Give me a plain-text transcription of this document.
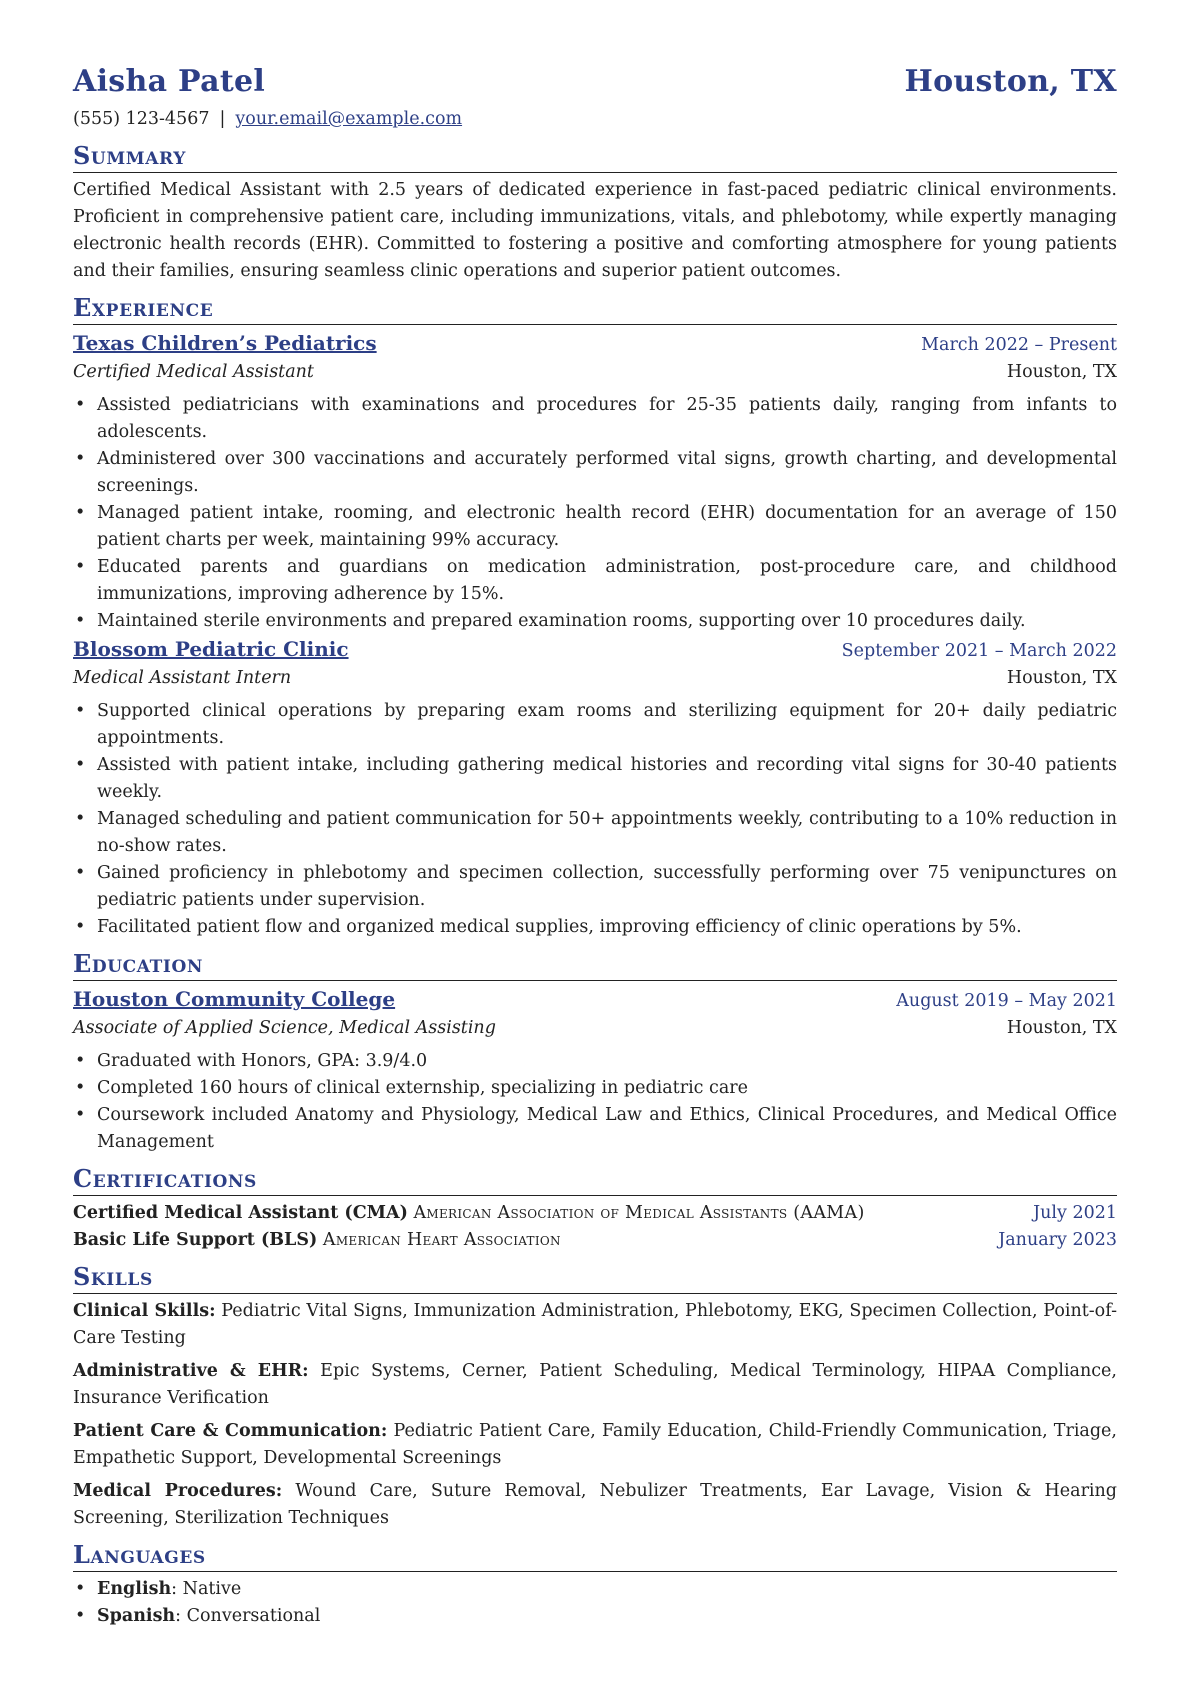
Aisha Patel	Houston, TX
(555) 123-4567 | your.email@example.com
Summary
Certified Medical Assistant with 2.5 years of dedicated experience in fast-paced pediatric clinical environments. Proficient in comprehensive patient care, including immunizations, vitals, and phlebotomy, while expertly managing electronic health records (EHR). Committed to fostering a positive and comforting atmosphere for young patients and their families, ensuring seamless clinic operations and superior patient outcomes.
Experience
Texas Children’s Pediatrics	March 2022 – Present
Certified Medical Assistant	Houston, TX
• Assisted pediatricians with examinations and procedures for 25-35 patients daily, ranging from infants to adolescents.
• Administered over 300 vaccinations and accurately performed vital signs, growth charting, and developmental screenings.
• Managed patient intake, rooming, and electronic health record (EHR) documentation for an average of 150 patient charts per week, maintaining 99% accuracy.
• Educated parents and guardians on medication administration, post-procedure care, and childhood immunizations, improving adherence by 15%.
• Maintained sterile environments and prepared examination rooms, supporting over 10 procedures daily.
Blossom Pediatric Clinic	September 2021 – March 2022
Medical Assistant Intern	Houston, TX
• Supported clinical operations by preparing exam rooms and sterilizing equipment for 20+ daily pediatric appointments.
• Assisted with patient intake, including gathering medical histories and recording vital signs for 30-40 patients weekly.
• Managed scheduling and patient communication for 50+ appointments weekly, contributing to a 10% reduction in no-show rates.
• Gained proficiency in phlebotomy and specimen collection, successfully performing over 75 venipunctures on pediatric patients under supervision.
• Facilitated patient flow and organized medical supplies, improving efficiency of clinic operations by 5%.
Education
Houston Community College	August 2019 – May 2021
Associate of Applied Science, Medical Assisting	Houston, TX
• Graduated with Honors, GPA: 3.9/4.0
• Completed 160 hours of clinical externship, specializing in pediatric care
• Coursework included Anatomy and Physiology, Medical Law and Ethics, Clinical Procedures, and Medical Office Management
Certifications
Certified Medical Assistant (CMA) American Association of Medical Assistants (AAMA)	July 2021
Basic Life Support (BLS) American Heart Association	January 2023
Skills
Clinical Skills: Pediatric Vital Signs, Immunization Administration, Phlebotomy, EKG, Specimen Collection, Point-of-Care Testing
Administrative & EHR: Epic Systems, Cerner, Patient Scheduling, Medical Terminology, HIPAA Compliance, Insurance Verification
Patient Care & Communication: Pediatric Patient Care, Family Education, Child-Friendly Communication, Triage, Empathetic Support, Developmental Screenings
Medical Procedures: Wound Care, Suture Removal, Nebulizer Treatments, Ear Lavage, Vision & Hearing Screening, Sterilization Techniques
Languages
• English: Native
• Spanish: Conversational
